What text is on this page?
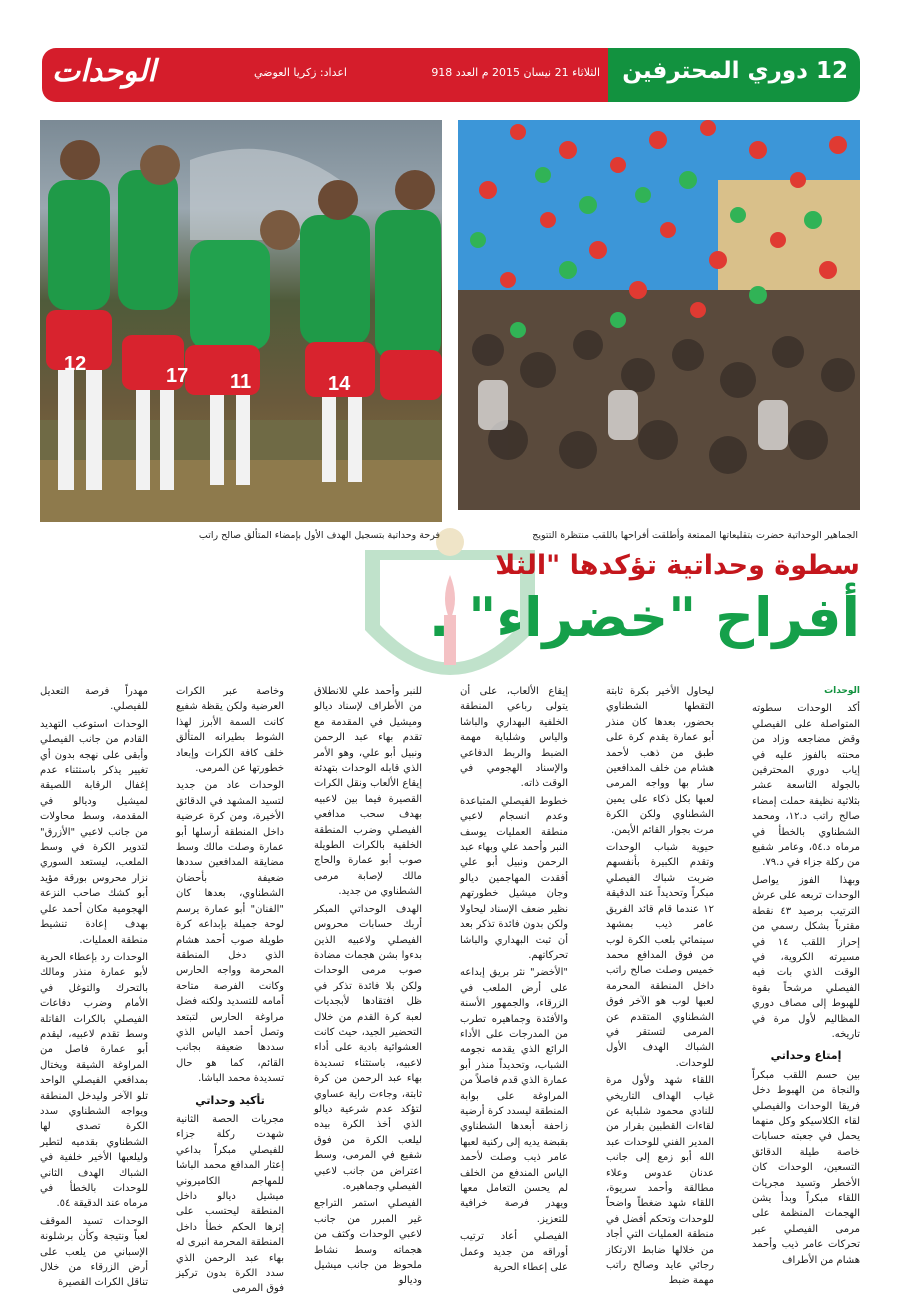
الوحدات	اعداد: زكريا العوضي	12 دوري المحترفين
الثلاثاء 21 نيسان 2015 م العدد 918
12
17 11	14
فرحة وحداتية بتسجيل الهدف الأول بإمضاء المتألق صالح راتب	الجماهير الوحداتية حضرت بتقليعاتها الممتعة وأطلقت أفراحها باللقب منتظرة التتويج
سطوة وحداتية تؤكدها "الثلا
أفراح "خضراء" .
الوحدات

أكد الوحدات سطوته المتواصلة على الفيصلي وقض مضاجعه وزاد من محنته بالفوز عليه في إياب دوري المحترفين بالجولة التاسعة عشر بثلاثية نظيفة حملت إمضاء صالح راتب د.١٢، ومحمد الشطناوي بالخطأ في مرماه د.٥٤، وعامر شفيع من ركلة جزاء في د.٧٩.

وبهذا الفوز يواصل الوحدات تربعه على عرش الترتيب برصيد ٤٣ نقطة مقترباً بشكل رسمي من إحراز اللقب ١٤ في مسيرته الكروية، في الوقت الذي بات فيه الفيصلي مرشحاً بقوة للهبوط إلى مصاف دوري المظاليم لأول مرة في تاريخه.

إمتاع وحداتي

بين حسم اللقب مبكراً والنجاة من الهبوط دخل فريقا الوحدات والفيصلي لقاء الكلاسيكو وكل منهما يحمل في جعبته حسابات خاصة طيلة الدقائق التسعين، الوحدات كان الأخطر وتسيد مجريات اللقاء مبكراً وبدأ يشن الهجمات المنظمة على مرمى الفيصلي عبر تحركات عامر ذيب وأحمد هشام من الأطراف

ليحاول الأخير بكرة ثابتة التقطها الشطناوي بحضور، بعدها كان منذر أبو عمارة يقدم كرة على طبق من ذهب لأحمد هشام من خلف المدافعين سار بها وواجه المرمى لعبها بكل ذكاء على يمين الشطناوي ولكن الكرة مرت بجوار القائم الأيمن.

حيوية شباب الوحدات وتقدم الكبيرة بأنفسهم ضربت شباك الفيصلي مبكراً وتحديداً عند الدقيقة ١٢ عندما قام قائد الفريق عامر ذيب بمشهد سينمائي بلعب الكرة لوب من فوق المدافع محمد خميس وصلت صالح راتب داخل المنطقة المحرمة لعبها لوب هو الآخر فوق الشطناوي المتقدم عن المرمى لتستقر في الشباك الهدف الأول للوحدات.

اللقاء شهد ولأول مرة غياب الهداف التاريخي للنادي محمود شلباية عن لقاءات القطبين بقرار من المدير الفني للوحدات عبد الله أبو زمع إلى جانب عدنان عدوس وعلاء مطالقة وأحمد سريوة، اللقاء شهد ضغطاً واضحاً للوحدات وتحكم أفضل في منطقة العمليات التي أجاد من خلالها ضابط الارتكاز رجائي عايد وصالح راتب مهمة ضبط

إيقاع الألعاب، على أن يتولى رباعي المنطقة الخلفية البهداري والباشا والياس وشلباية مهمة الضبط والربط الدفاعي والإسناد الهجومي في الوقت ذاته.

خطوط الفيصلي المتباعدة وعدم انسجام لاعبي منطقة العمليات يوسف النبر وأحمد علي وبهاء عبد الرحمن ونبيل أبو علي أفقدت المهاجمين ديالو وجان ميشيل خطورتهم نظير ضعف الإسناد ليحاولا ولكن بدون فائدة تذكر بعد أن ثبت البهداري والباشا تحركاتهم.

"الأخضر" نثر بريق إبداعه على أرض الملعب في الزرقاء، والجمهور الأسنة والأفئدة وجماهيره تطرب من المدرجات على الأداء الرائع الذي يقدمه نجومه الشباب، وتحديداً منذر أبو عمارة الذي قدم فاصلاً من المراوغة على بوابة المنطقة ليسدد كرة أرضية زاحفة أبعدها الشطناوي بقبضة يديه إلى ركنية لعبها عامر ذيب وصلت لأحمد الياس المندفع من الخلف لم يحسن التعامل معها ويهدر فرصة خرافية للتعزيز.

الفيصلي أعاد ترتيب أوراقه من جديد وعمل على إعطاء الحرية

للنبر وأحمد علي للانطلاق من الأطراف لإسناد ديالو وميشيل في المقدمة مع تقدم بهاء عبد الرحمن ونبيل أبو علي، وهو الأمر الذي قابله الوحدات بتهدئة إيقاع الألعاب ونقل الكرات القصيرة فيما بين لاعبيه بهدف سحب مدافعي الفيصلي وضرب المنطقة الخلفية بالكرات الطويلة صوب أبو عمارة والحاج مالك لإصابة مرمى الشطناوي من جديد.

الهدف الوحداتي المبكر أربك حسابات محروس الفيصلي ولاعبيه الذين بدءوا بشن هجمات مضادة صوب مرمى الوحدات ولكن بلا فائدة تذكر في ظل افتقادها لأبجديات لعبة كرة القدم من خلال التحضير الجيد، حيث كانت العشوائية بادية على أداء لاعبيه، باستثناء تسديدة بهاء عبد الرحمن من كرة ثابتة، وجاءت راية عساوي لتؤكد عدم شرعية ديالو الذي أخذ الكرة بيده ليلعب الكرة من فوق شفيع في المرمى، وسط اعتراض من جانب لاعبي الفيصلي وجماهيره.

الفيصلي استمر التراجع غير المبرر من جانب لاعبي الوحدات وكثف من هجماته وسط نشاط ملحوظ من جانب ميشيل وديالو

وخاصة عبر الكرات العرضية ولكن يقظة شفيع كانت السمة الأبرز لهذا الشوط بطيرانه المتألق خلف كافة الكرات وإبعاد خطورتها عن المرمى.

الوحدات عاد من جديد لتسيد المشهد في الدقائق الأخيرة، ومن كرة عرضية داخل المنطقة أرسلها أبو عمارة وصلت مالك وسط مضايقة المدافعين سددها ضعيفة بأحضان الشطناوي، بعدها كان "الفنان" أبو عمارة يرسم لوحة جميلة بإبداعه كرة طويلة صوب أحمد هشام الذي دخل المنطقة المحرمة وواجه الحارس وكانت الفرصة متاحة أمامه للتسديد ولكنه فضل مراوغة الحارس لتبتعد وتصل أحمد الياس الذي سددها ضعيفة بجانب القائم، كما هو حال تسديدة محمد الباشا.

تأكيد وحداتي

مجريات الحصة الثانية شهدت ركلة جزاء للفيصلي مبكراً بداعي إعثار المدافع محمد الباشا للمهاجم الكاميروني ميشيل ديالو داخل المنطقة ليحتسب على إثرها الحكم خطأ داخل المنطقة المحرمة انبرى له بهاء عبد الرحمن الذي سدد الكرة بدون تركيز فوق المرمى

مهدراً فرصة التعديل للفيصلي.

الوحدات استوعب التهديد القادم من جانب الفيصلي وأبقى على نهجه بدون أي تغيير يذكر باستثناء عدم إغفال الرقابة اللصيقة لميشيل وديالو في المقدمة، وسط محاولات من جانب لاعبي "الأزرق" لتدوير الكرة في وسط الملعب، ليستعد السوري نزار محروس بورقة مؤيد أبو كشك صاحب النزعة الهجومية مكان أحمد علي بهدف إعادة تنشيط منطقة العمليات.

الوحدات رد بإعطاء الحرية لأبو عمارة منذر ومالك بالتحرك والتوغل في الأمام وضرب دفاعات الفيصلي بالكرات القاتلة وسط تقدم لاعبيه، ليقدم أبو عمارة فاصل من المراوغة الشيقة ويختال بمدافعي الفيصلي الواحد تلو الآخر وليدخل المنطقة ويواجه الشطناوي سدد الكرة تصدى لها الشطناوي بقدميه لتطير وليلعبها الأخير خلفية في الشباك الهدف الثاني للوحدات بالخطأ في مرماه عند الدقيقة ٥٤.

الوحدات تسيد الموقف لعباً ونتيجة وكأن برشلونة الإسباني من يلعب على أرض الزرقاء من خلال تناقل الكرات القصيرة
